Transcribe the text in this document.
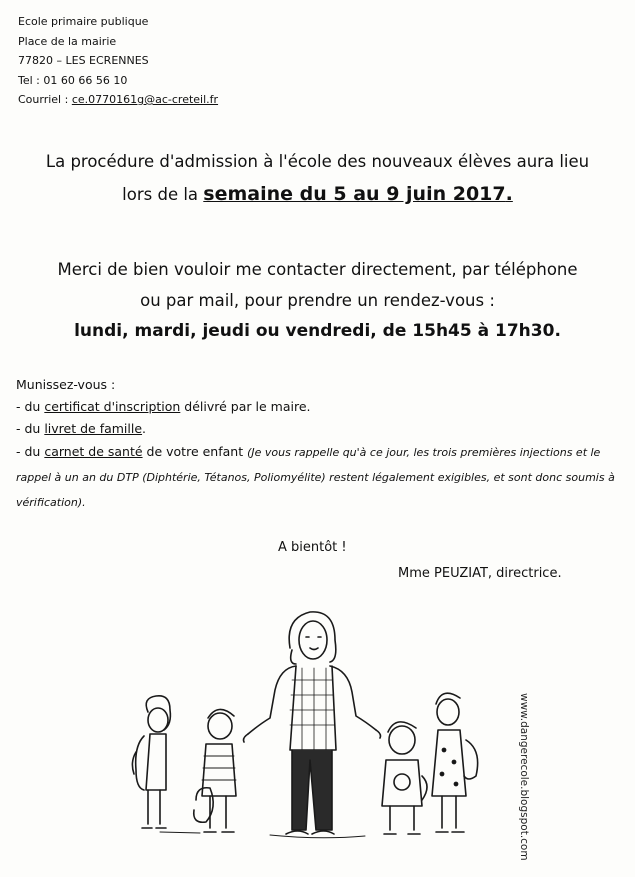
Ecole primaire publique
Place de la mairie
77820 – LES ECRENNES
Tel : 01 60 66 56 10
Courriel : ce.0770161g@ac-creteil.fr
La procédure d'admission à l'école des nouveaux élèves aura lieu
lors de la semaine du 5 au 9 juin 2017.
Merci de bien vouloir me contacter directement, par téléphone
ou par mail, pour prendre un rendez-vous :
lundi, mardi, jeudi ou vendredi, de 15h45 à 17h30.
Munissez-vous :
- du certificat d'inscription délivré par le maire.
- du livret de famille.
- du carnet de santé de votre enfant (Je vous rappelle qu'à ce jour, les trois premières injections et le rappel à un an du DTP (Diphtérie, Tétanos, Poliomyélite) restent légalement exigibles, et sont donc soumis à vérification).
A bientôt !
Mme PEUZIAT, directrice.
www.dangerecole.blogspot.com
